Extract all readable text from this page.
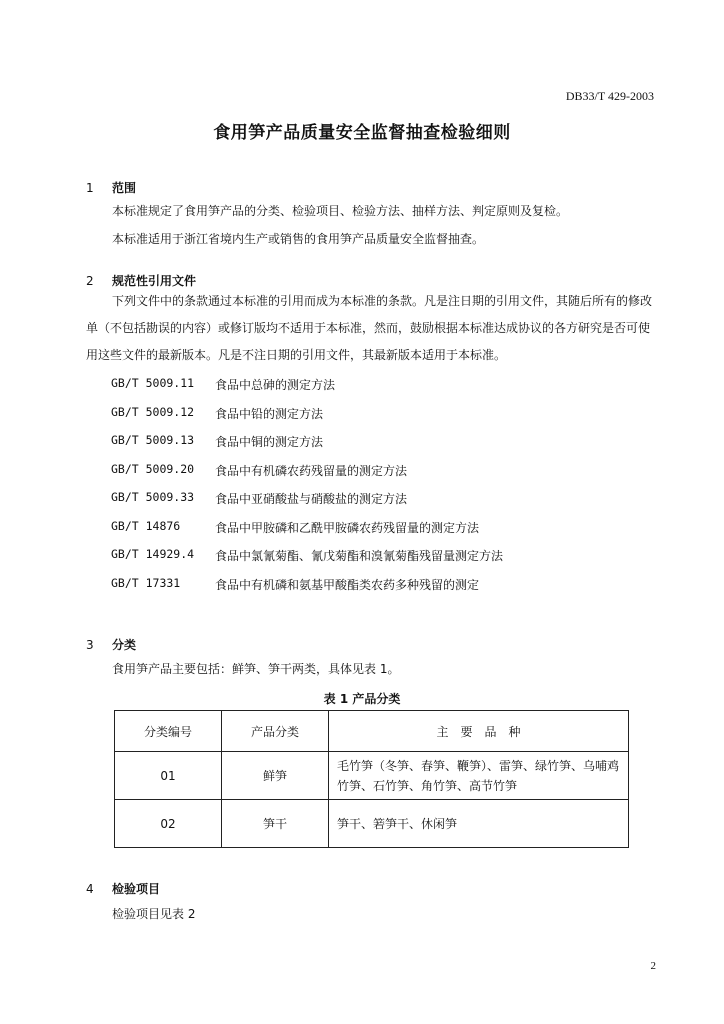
DB33/T 429-2003
食用笋产品质量安全监督抽查检验细则
1 范围
本标准规定了食用笋产品的分类、检验项目、检验方法、抽样方法、判定原则及复检。
本标准适用于浙江省境内生产或销售的食用笋产品质量安全监督抽查。
2 规范性引用文件
下列文件中的条款通过本标准的引用而成为本标准的条款。凡是注日期的引用文件，其随后所有的修改单（不包括勘误的内容）或修订版均不适用于本标准，然而，鼓励根据本标准达成协议的各方研究是否可使用这些文件的最新版本。凡是不注日期的引用文件，其最新版本适用于本标准。
GB/T 5009.11	食品中总砷的测定方法
GB/T 5009.12	食品中铅的测定方法
GB/T 5009.13	食品中铜的测定方法
GB/T 5009.20	食品中有机磷农药残留量的测定方法
GB/T 5009.33	食品中亚硝酸盐与硝酸盐的测定方法
GB/T 14876	食品中甲胺磷和乙酰甲胺磷农药残留量的测定方法
GB/T 14929.4	食品中氯氰菊酯、氰戊菊酯和溴氰菊酯残留量测定方法
GB/T 17331	食品中有机磷和氨基甲酸酯类农药多种残留的测定
3 分类
食用笋产品主要包括：鲜笋、笋干两类，具体见表 1。
表 1 产品分类
分类编号	产品分类	主　要　品　种
01	鲜笋	毛竹笋（冬笋、春笋、鞭笋）、雷笋、绿竹笋、乌哺鸡竹笋、石竹笋、角竹笋、高节竹笋
02	笋干	笋干、箬笋干、休闲笋
4 检验项目
检验项目见表 2
2
